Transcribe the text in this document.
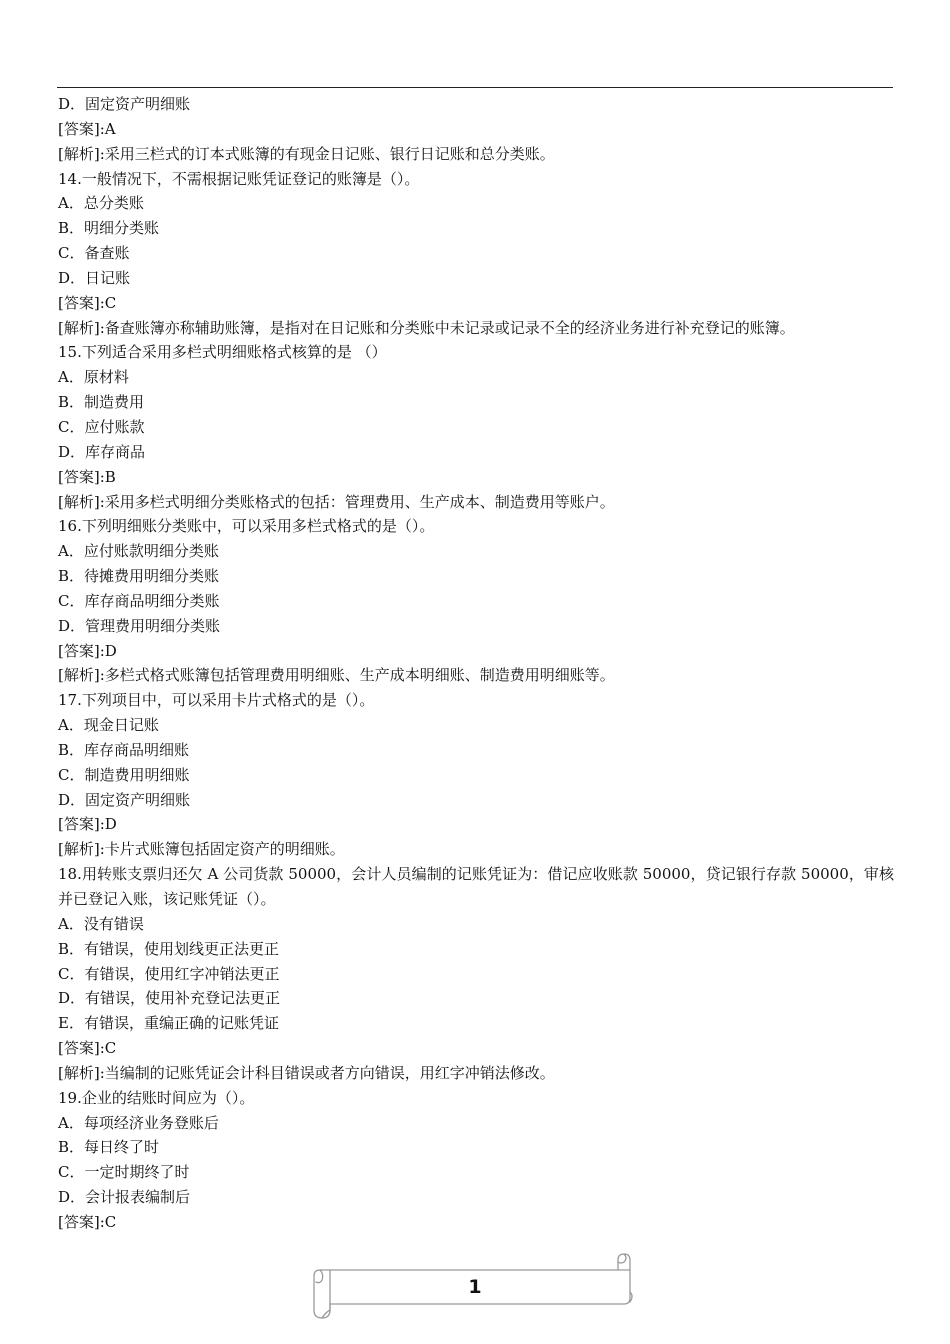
D．固定资产明细账
[答案]:A
[解析]:采用三栏式的订本式账簿的有现金日记账、银行日记账和总分类账。
14.一般情况下，不需根据记账凭证登记的账簿是（）。
A．总分类账
B．明细分类账
C．备查账
D．日记账
[答案]:C
[解析]:备查账簿亦称辅助账簿，是指对在日记账和分类账中未记录或记录不全的经济业务进行补充登记的账簿。
15.下列适合采用多栏式明细账格式核算的是 （）
A．原材料
B．制造费用
C．应付账款
D．库存商品
[答案]:B
[解析]:采用多栏式明细分类账格式的包括：管理费用、生产成本、制造费用等账户。
16.下列明细账分类账中，可以采用多栏式格式的是（）。
A．应付账款明细分类账
B．待摊费用明细分类账
C．库存商品明细分类账
D．管理费用明细分类账
[答案]:D
[解析]:多栏式格式账簿包括管理费用明细账、生产成本明细账、制造费用明细账等。
17.下列项目中，可以采用卡片式格式的是（）。
A．现金日记账
B．库存商品明细账
C．制造费用明细账
D．固定资产明细账
[答案]:D
[解析]:卡片式账簿包括固定资产的明细账。
18.用转账支票归还欠 A 公司货款 50000，会计人员编制的记账凭证为：借记应收账款 50000，贷记银行存款 50000，审核并已登记入账，该记账凭证（）。
A．没有错误
B．有错误，使用划线更正法更正
C．有错误，使用红字冲销法更正
D．有错误，使用补充登记法更正
E．有错误，重编正确的记账凭证
[答案]:C
[解析]:当编制的记账凭证会计科目错误或者方向错误，用红字冲销法修改。
19.企业的结账时间应为（）。
A．每项经济业务登账后
B．每日终了时
C．一定时期终了时
D．会计报表编制后
[答案]:C
1
